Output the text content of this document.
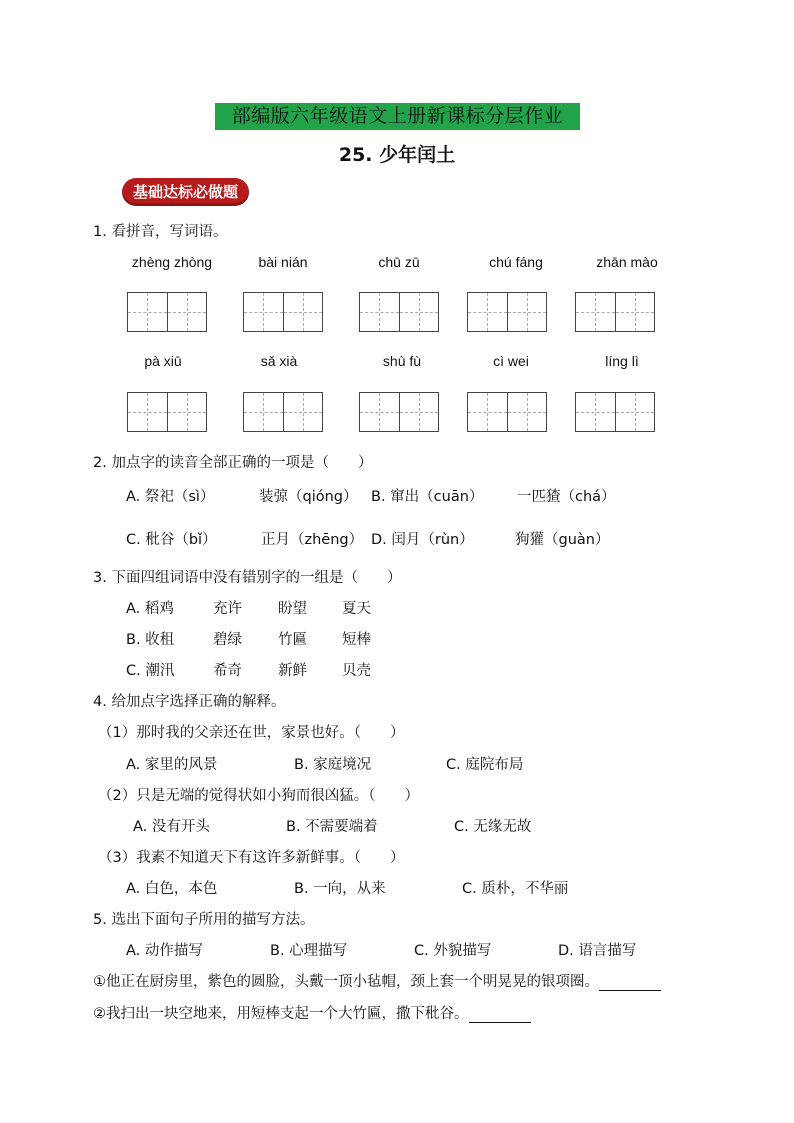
部编版六年级语文上册新课标分层作业
25. 少年闰土
基础达标必做题
1. 看拼音，写词语。
zhèng zhòng	bài nián	chū zū	chú fáng	zhān mào
pà xiū	sǎ xià	shù fù	cì wei	líng lì
2. 加点字的读音全部正确的一项是（　　）
A. 祭祀（sì）	装弶（qióng） B. 窜出（cuān） 一匹猹（chá）
C. 秕谷（bǐ）	正月（zhēng） D. 闰月（rùn）	狗獾（guàn）
3. 下面四组词语中没有错别字的一组是（　　）
A. 稻鸡	充许 盼望 夏天
B. 收租	碧绿 竹匾 短棒
C. 潮汛	希奇 新鲜 贝壳
4. 给加点字选择正确的解释。
（1）那时我的父亲还在世，家景也好。（　　）
A. 家里的风景	B. 家庭境况	C. 庭院布局
（2）只是无端的觉得状如小狗而很凶猛。（　　）
A. 没有开头	B. 不需要端着	C. 无缘无故
（3）我素不知道天下有这许多新鲜事。（　　）
A. 白色，本色	B. 一向，从来	C. 质朴，不华丽
5. 选出下面句子所用的描写方法。
A. 动作描写	B. 心理描写	C. 外貌描写	D. 语言描写
①他正在厨房里，紫色的圆脸，头戴一顶小毡帽，颈上套一个明晃晃的银项圈。
②我扫出一块空地来，用短棒支起一个大竹匾，撒下秕谷。
